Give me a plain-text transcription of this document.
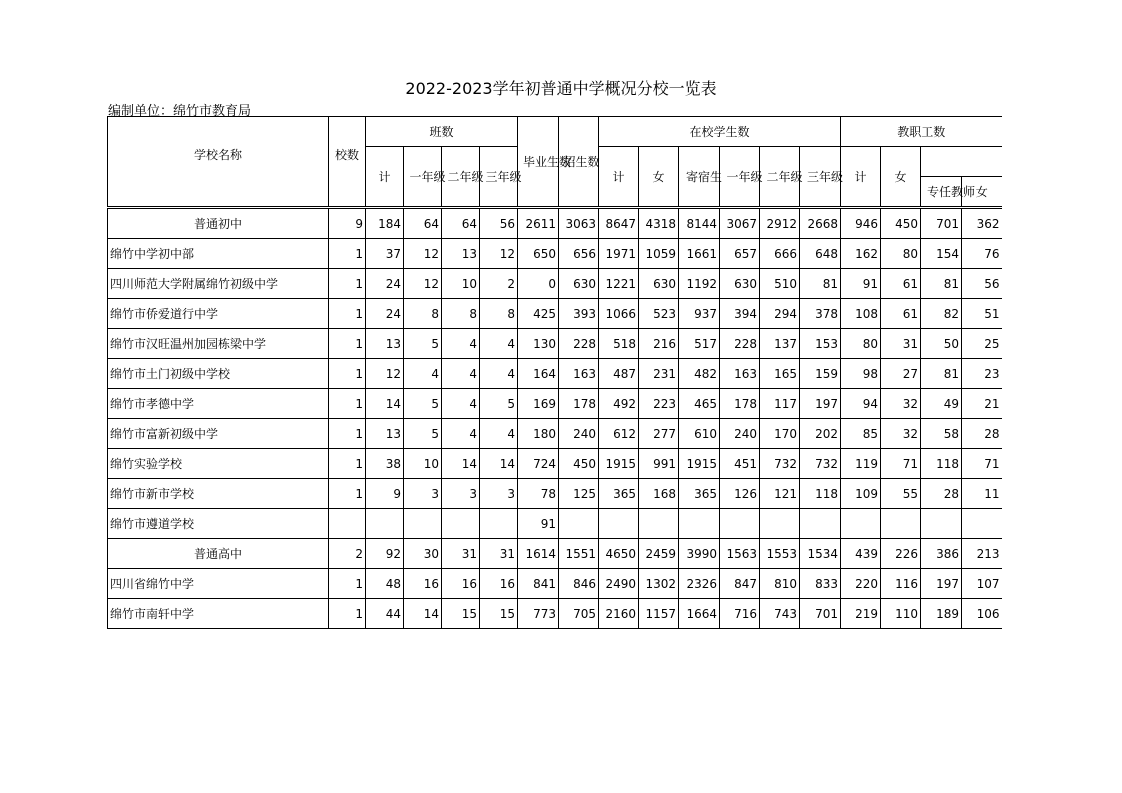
2022-2023学年初普通中学概况分校一览表
编制单位：绵竹市教育局
学校名称	校数	班数				毕业生数	招生数	在校学生数						教职工数			
		计	一年级	二年级	三年级			计	女	寄宿生	一年级	二年级	三年级	计	女		
																专任教师	女

普通初中	9	184	64	64	56	2611	3063	8647	4318	8144	3067	2912	2668	946	450	701	362
绵竹中学初中部	1	37	12	13	12	650	656	1971	1059	1661	657	666	648	162	80	154	76
四川师范大学附属绵竹初级中学	1	24	12	10	2	0	630	1221	630	1192	630	510	81	91	61	81	56
绵竹市侨爱道行中学	1	24	8	8	8	425	393	1066	523	937	394	294	378	108	61	82	51
绵竹市汉旺温州加园栋梁中学	1	13	5	4	4	130	228	518	216	517	228	137	153	80	31	50	25
绵竹市土门初级中学校	1	12	4	4	4	164	163	487	231	482	163	165	159	98	27	81	23
绵竹市孝德中学	1	14	5	4	5	169	178	492	223	465	178	117	197	94	32	49	21
绵竹市富新初级中学	1	13	5	4	4	180	240	612	277	610	240	170	202	85	32	58	28
绵竹实验学校	1	38	10	14	14	724	450	1915	991	1915	451	732	732	119	71	118	71
绵竹市新市学校	1	9	3	3	3	78	125	365	168	365	126	121	118	109	55	28	11
绵竹市遵道学校						91											
普通高中	2	92	30	31	31	1614	1551	4650	2459	3990	1563	1553	1534	439	226	386	213
四川省绵竹中学	1	48	16	16	16	841	846	2490	1302	2326	847	810	833	220	116	197	107
绵竹市南轩中学	1	44	14	15	15	773	705	2160	1157	1664	716	743	701	219	110	189	106
